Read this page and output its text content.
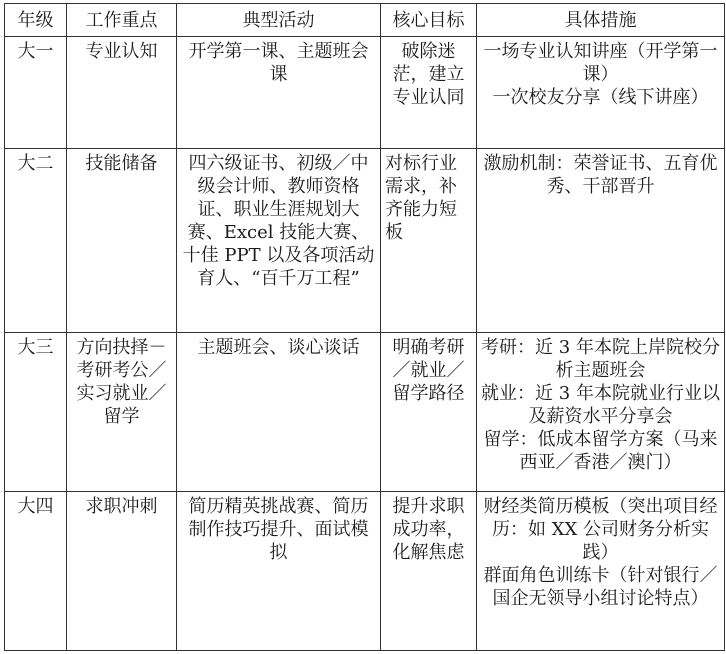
年级	工作重点	典型活动	核心目标	具体措施
大一	专业认知	开学第一课、主题班会课	破除迷茫，建立专业认同	一场专业认知讲座（开学第一课）
一次校友分享（线下讲座）

大二	技能储备	四六级证书、初级／中级会计师、教师资格证、职业生涯规划大赛、Excel 技能大赛、十佳 PPT 以及各项活动育人、“百千万工程”	对标行业需求，补齐能力短板	激励机制：荣誉证书、五育优秀、干部晋升

大三	方向抉择－考研考公／实习就业／留学	主题班会、谈心谈话	明确考研／就业／留学路径	考研：近 3 年本院上岸院校分析主题班会
就业：近 3 年本院就业行业以及薪资水平分享会
留学：低成本留学方案（马来西亚／香港／澳门）

大四	求职冲刺	简历精英挑战赛、简历制作技巧提升、面试模拟	提升求职成功率，化解焦虑	财经类简历模板（突出项目经历：如 XX 公司财务分析实践）
群面角色训练卡（针对银行／国企无领导小组讨论特点）
